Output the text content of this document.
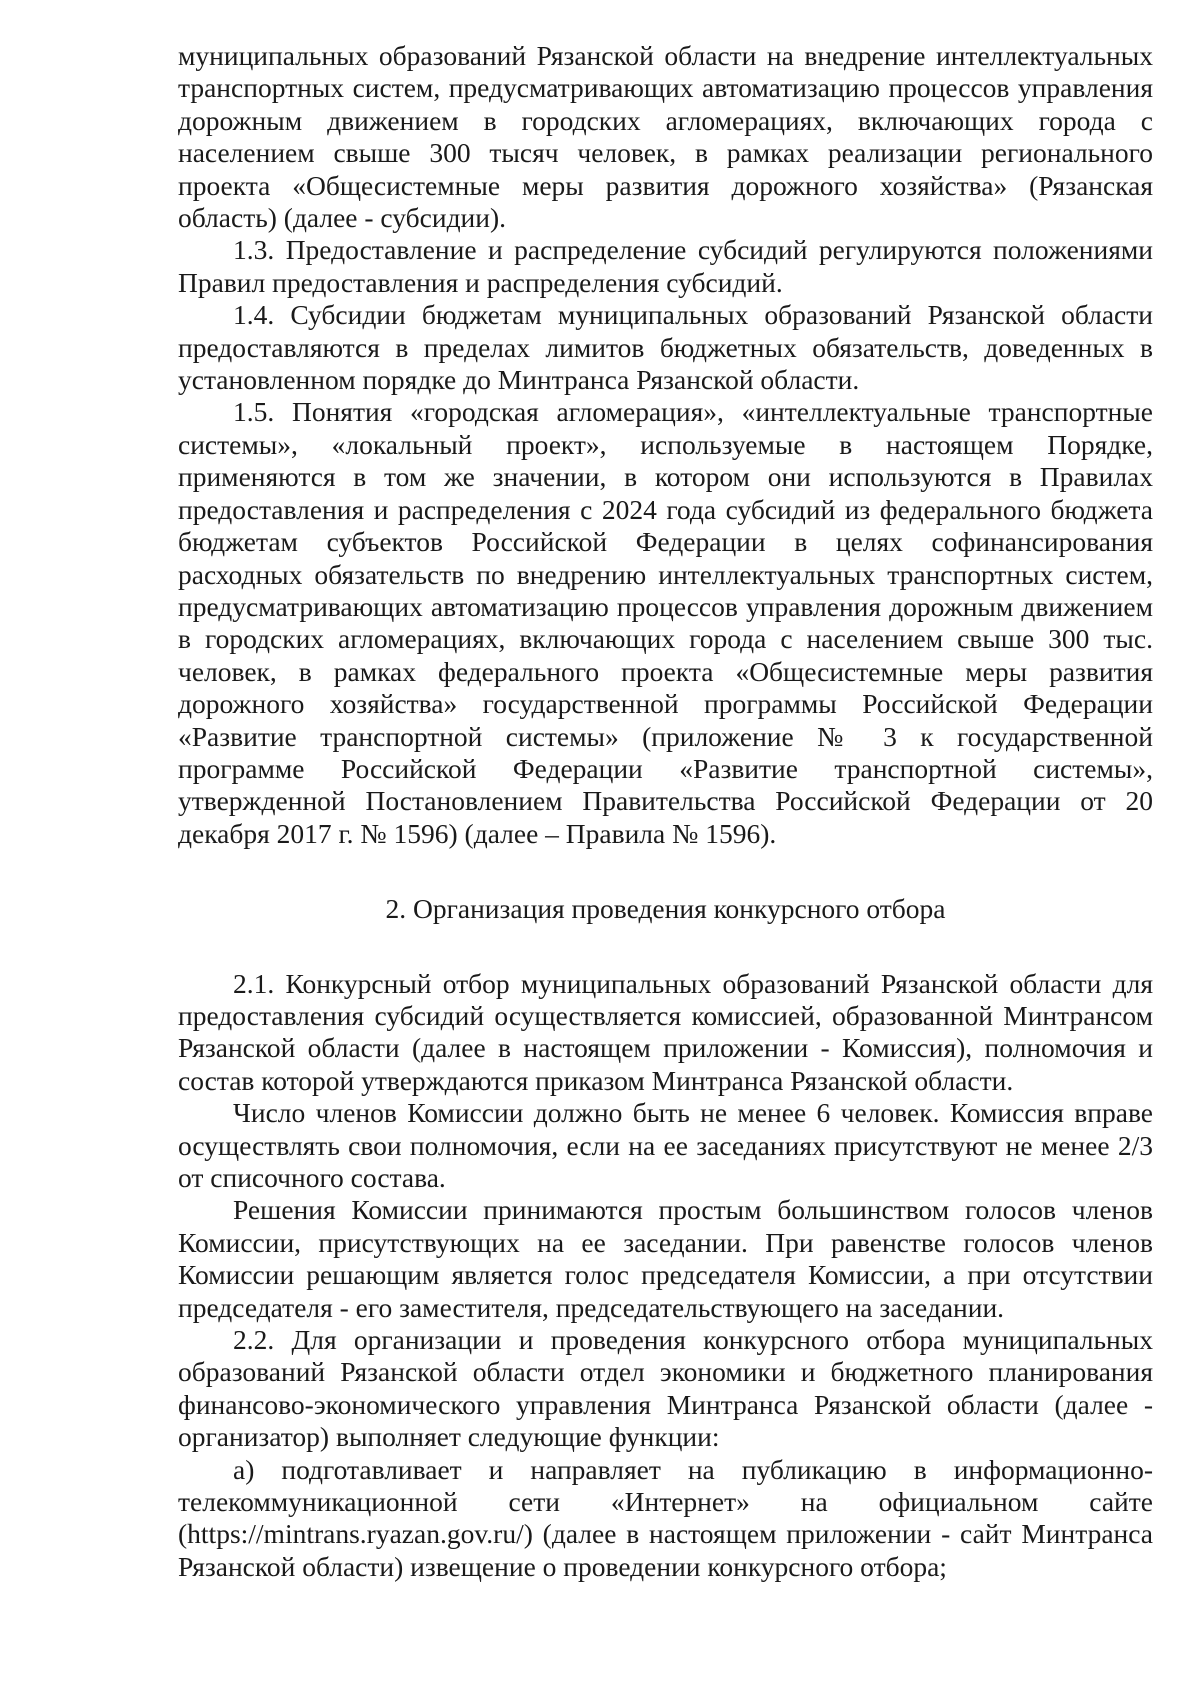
муниципальных образований Рязанской области на внедрение интеллектуальных транспортных систем, предусматривающих автоматизацию процессов управления дорожным движением в городских агломерациях, включающих города с населением свыше 300 тысяч человек, в рамках реализации регионального проекта «Общесистемные меры развития дорожного хозяйства» (Рязанская область) (далее - субсидии).

1.3. Предоставление и распределение субсидий регулируются положениями Правил предоставления и распределения субсидий.

1.4. Субсидии бюджетам муниципальных образований Рязанской области предоставляются в пределах лимитов бюджетных обязательств, доведенных в установленном порядке до Минтранса Рязанской области.

1.5. Понятия «городская агломерация», «интеллектуальные транспортные системы», «локальный проект», используемые в настоящем Порядке, применяются в том же значении, в котором они используются в Правилах предоставления и распределения с 2024 года субсидий из федерального бюджета бюджетам субъектов Российской Федерации в целях софинансирования расходных обязательств по внедрению интеллектуальных транспортных систем, предусматривающих автоматизацию процессов управления дорожным движением в городских агломерациях, включающих города с населением свыше 300 тыс. человек, в рамках федерального проекта «Общесистемные меры развития дорожного хозяйства» государственной программы Российской Федерации «Развитие транспортной системы» (приложение № 3 к государственной программе Российской Федерации «Развитие транспортной системы», утвержденной Постановлением Правительства Российской Федерации от 20 декабря 2017 г. № 1596) (далее – Правила № 1596).

2. Организация проведения конкурсного отбора

2.1. Конкурсный отбор муниципальных образований Рязанской области для предоставления субсидий осуществляется комиссией, образованной Минтрансом Рязанской области (далее в настоящем приложении - Комиссия), полномочия и состав которой утверждаются приказом Минтранса Рязанской области.

Число членов Комиссии должно быть не менее 6 человек. Комиссия вправе осуществлять свои полномочия, если на ее заседаниях присутствуют не менее 2/3 от списочного состава.

Решения Комиссии принимаются простым большинством голосов членов Комиссии, присутствующих на ее заседании. При равенстве голосов членов Комиссии решающим является голос председателя Комиссии, а при отсутствии председателя - его заместителя, председательствующего на заседании.

2.2. Для организации и проведения конкурсного отбора муниципальных образований Рязанской области отдел экономики и бюджетного планирования финансово-экономического управления Минтранса Рязанской области (далее - организатор) выполняет следующие функции:

а) подготавливает и направляет на публикацию в информационно-телекоммуникационной сети «Интернет» на официальном сайте (https://mintrans.ryazan.gov.ru/) (далее в настоящем приложении - сайт Минтранса Рязанской области) извещение о проведении конкурсного отбора;
